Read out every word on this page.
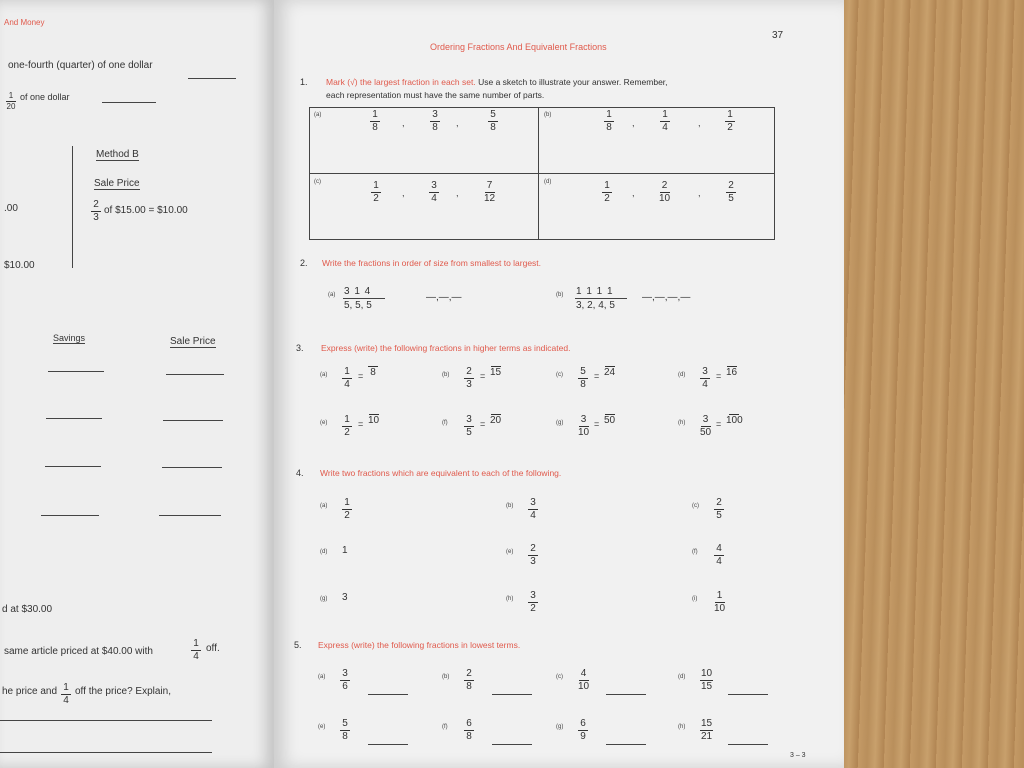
And Money
one-fourth (quarter) of one dollar
$\frac{1}{20}$ of one dollar
Method B
Sale Price
$\frac{2}{3}$ of $15.00 = $10.00
.00
$10.00
Savings	Sale Price
d at $30.00
same article priced at $40.00 with	$\frac{1}{4}$ off.
he price and $\frac{1}{4}$ off the price? Explain,
37
Ordering Fractions And Equivalent Fractions
1. Mark (√) the largest fraction in each set. Use a sketch to illustrate your answer. Remember,
each representation must have the same number of parts.
(a)	$\frac{1}{8}$ ,	$\frac{3}{8}$ ,	$\frac{5}{8}$	(b)	$\frac{1}{8}$ ,	$\frac{1}{4}$	, $\frac{1}{2}$
(c)	$\frac{1}{2}$ , $\frac{3}{4}$ ,	$\frac{7}{12}$	(d)	$\frac{1}{2}$ , $\frac{2}{10}$	,	$\frac{2}{5}$
2. Write the fractions in order of size from smallest to largest.
(a) 3 1 4
5, 5, 5
—,—,—	(b) 1 1 1 1
3, 2, 4, 5
—,—,—,—
3. Express (write) the following fractions in higher terms as indicated.
4. Write two fractions which are equivalent to each of the following.
5. Express (write) the following fractions in lowest terms.
3 – 3
$(a) \frac{1}{4} = 8$	$(b) \frac{2}{3} = 15$	$(c) \frac{5}{8} = 24$	$(d) \frac{3}{4} = 16$
$(e) \frac{1}{2} = 10$	$(f) \frac{3}{5} = 20$	$(g) \frac{3}{10} = 50$	$(h) \frac{3}{50} = 100$
$(a) \frac{1}{2}$	$(b) \frac{3}{4}$	$(c) \frac{2}{5}$
(d) 1	$(e) \frac{2}{3}$	$(f) \frac{4}{4}$
(g) 3	$(h) \frac{3}{2}$	$(i) \frac{1}{10}$
$(a) \frac{3}{6}$	$(b) \frac{2}{8}$	$(c) \frac{4}{10}$	$(d) \frac{10}{15}$
$(e) \frac{5}{8}$	$(f) \frac{6}{8}$	$(g) \frac{6}{9}$	$(h) \frac{15}{21}$
